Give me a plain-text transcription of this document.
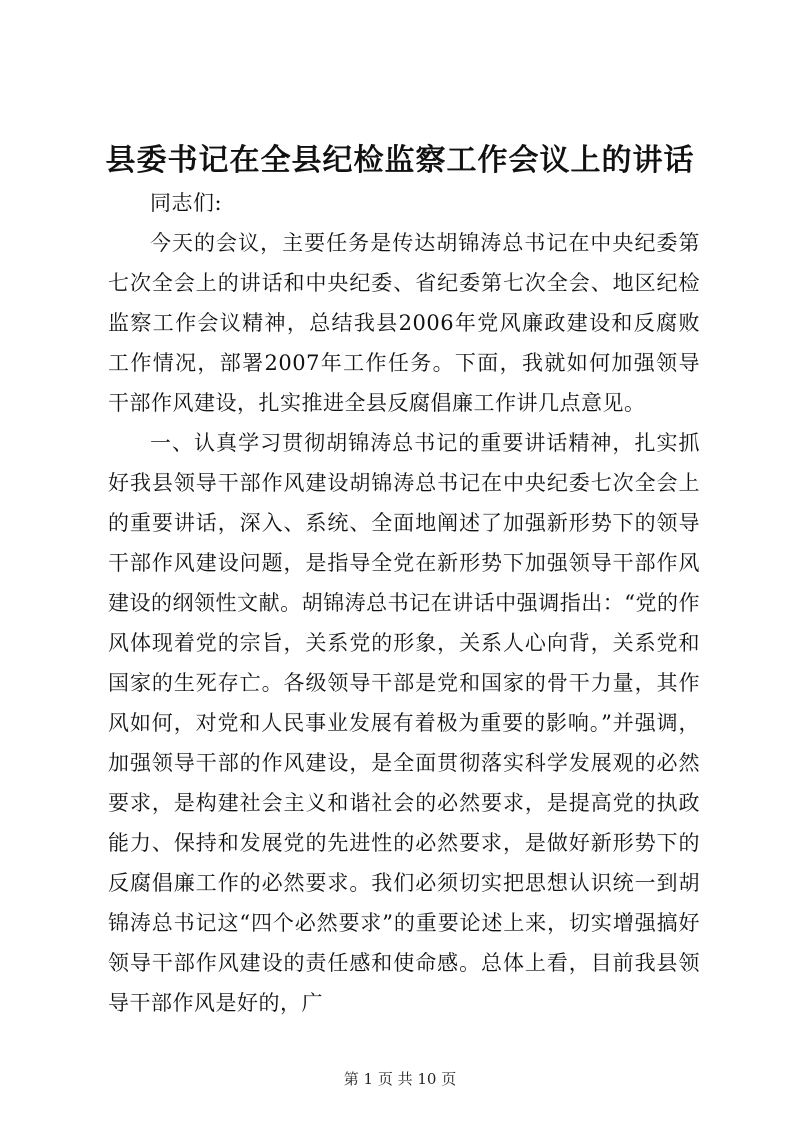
县委书记在全县纪检监察工作会议上的讲话

同志们:

今天的会议，主要任务是传达胡锦涛总书记在中央纪委第七次全会上的讲话和中央纪委、省纪委第七次全会、地区纪检监察工作会议精神，总结我县2006年党风廉政建设和反腐败工作情况，部署2007年工作任务。下面，我就如何加强领导干部作风建设，扎实推进全县反腐倡廉工作讲几点意见。

一、认真学习贯彻胡锦涛总书记的重要讲话精神，扎实抓好我县领导干部作风建设胡锦涛总书记在中央纪委七次全会上的重要讲话，深入、系统、全面地阐述了加强新形势下的领导干部作风建设问题，是指导全党在新形势下加强领导干部作风建设的纲领性文献。胡锦涛总书记在讲话中强调指出：“党的作风体现着党的宗旨，关系党的形象，关系人心向背，关系党和国家的生死存亡。各级领导干部是党和国家的骨干力量，其作风如何，对党和人民事业发展有着极为重要的影响。”并强调，加强领导干部的作风建设，是全面贯彻落实科学发展观的必然要求，是构建社会主义和谐社会的必然要求，是提高党的执政能力、保持和发展党的先进性的必然要求，是做好新形势下的反腐倡廉工作的必然要求。我们必须切实把思想认识统一到胡锦涛总书记这“四个必然要求”的重要论述上来，切实增强搞好领导干部作风建设的责任感和使命感。总体上看，目前我县领导干部作风是好的，广

第 1 页 共 10 页
